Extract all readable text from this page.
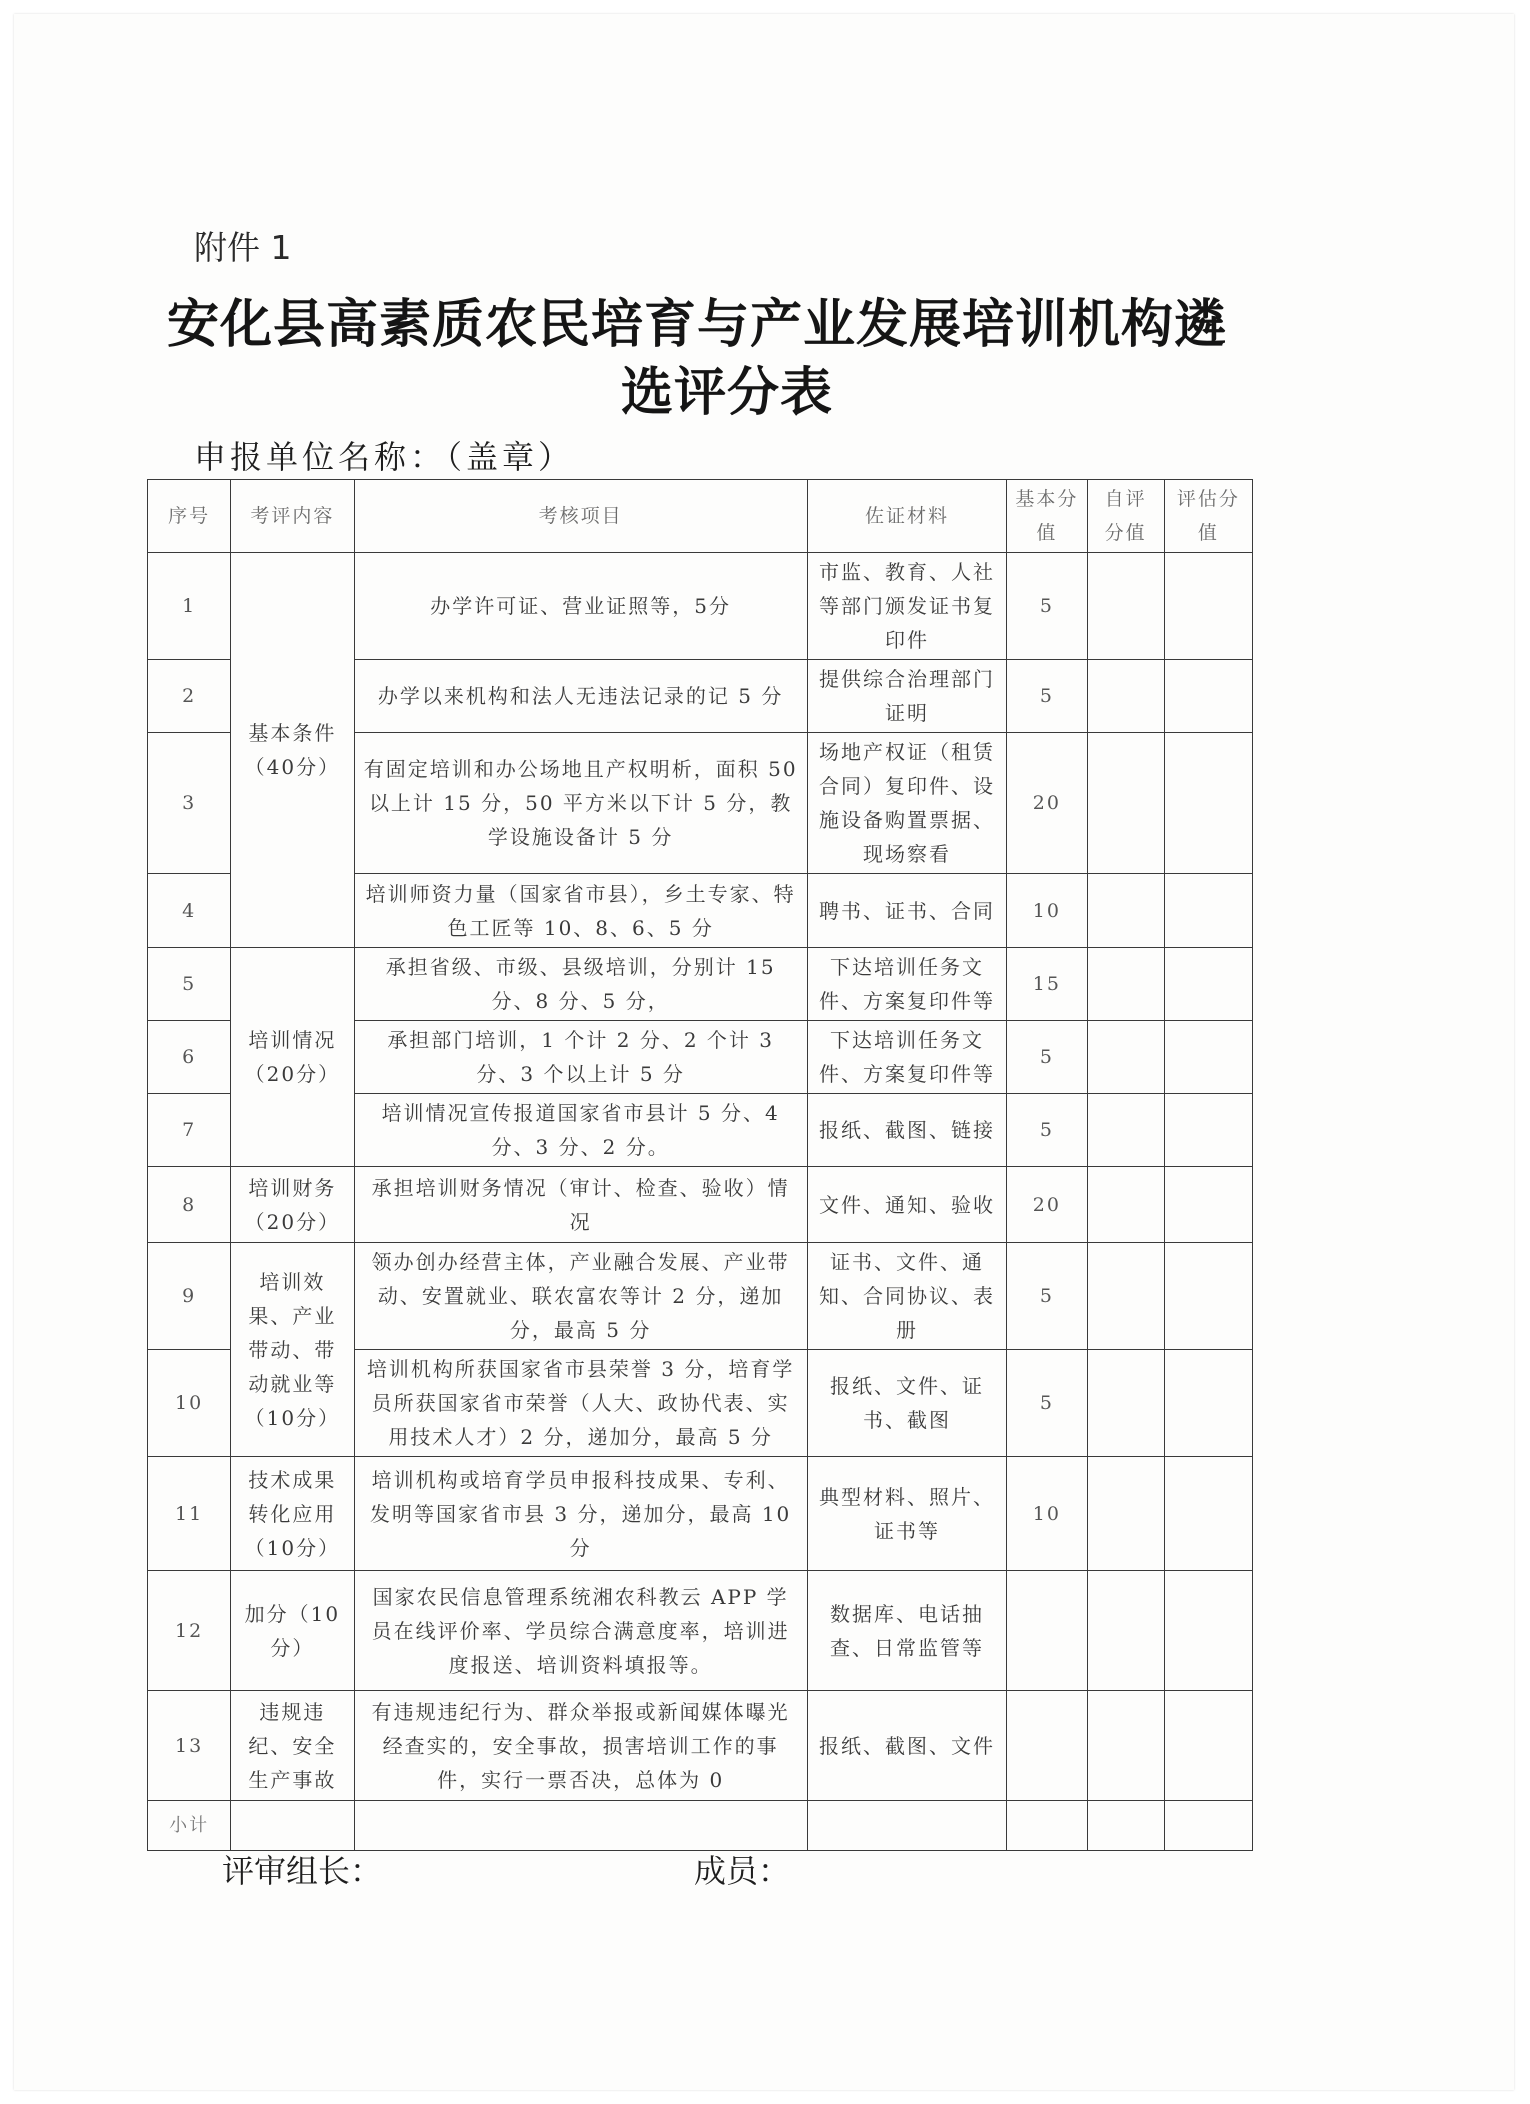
附件 1
安化县高素质农民培育与产业发展培训机构遴
选评分表
申报单位名称：（盖章）
序号	考评内容	考核项目	佐证材料	基本分值	自评分值	评估分值
1	基本条件（40分）	办学许可证、营业证照等，5分	市监、教育、人社等部门颁发证书复印件	5		
2		办学以来机构和法人无违法记录的记 5 分	提供综合治理部门证明	5		
3		有固定培训和办公场地且产权明析，面积 50 以上计 15 分，50 平方米以下计 5 分，教学设施设备计 5 分	场地产权证（租赁合同）复印件、设施设备购置票据、现场察看	20		
4		培训师资力量（国家省市县），乡土专家、特色工匠等 10、8、6、5 分	聘书、证书、合同	10		
5	培训情况（20分）	承担省级、市级、县级培训，分别计 15 分、8 分、5 分，	下达培训任务文件、方案复印件等	15		
6		承担部门培训，1 个计 2 分、2 个计 3 分、3 个以上计 5 分	下达培训任务文件、方案复印件等	5		
7		培训情况宣传报道国家省市县计 5 分、4 分、3 分、2 分。	报纸、截图、链接	5		
8	培训财务（20分）	承担培训财务情况（审计、检查、验收）情况	文件、通知、验收	20		
9	培训效果、产业带动、带动就业等（10分）	领办创办经营主体，产业融合发展、产业带动、安置就业、联农富农等计 2 分，递加分，最高 5 分	证书、文件、通知、合同协议、表册	5		
10		培训机构所获国家省市县荣誉 3 分，培育学员所获国家省市荣誉（人大、政协代表、实用技术人才）2 分，递加分，最高 5 分	报纸、文件、证书、截图	5		
11	技术成果转化应用（10分）	培训机构或培育学员申报科技成果、专利、发明等国家省市县 3 分，递加分，最高 10 分	典型材料、照片、证书等	10		
12	加分（10分）	国家农民信息管理系统湘农科教云 APP 学员在线评价率、学员综合满意度率，培训进度报送、培训资料填报等。	数据库、电话抽查、日常监管等			
13	违规违纪、安全生产事故	有违规违纪行为、群众举报或新闻媒体曝光经查实的，安全事故，损害培训工作的事件，实行一票否决，总体为 0	报纸、截图、文件			
小计						
评审组长：	成员：
